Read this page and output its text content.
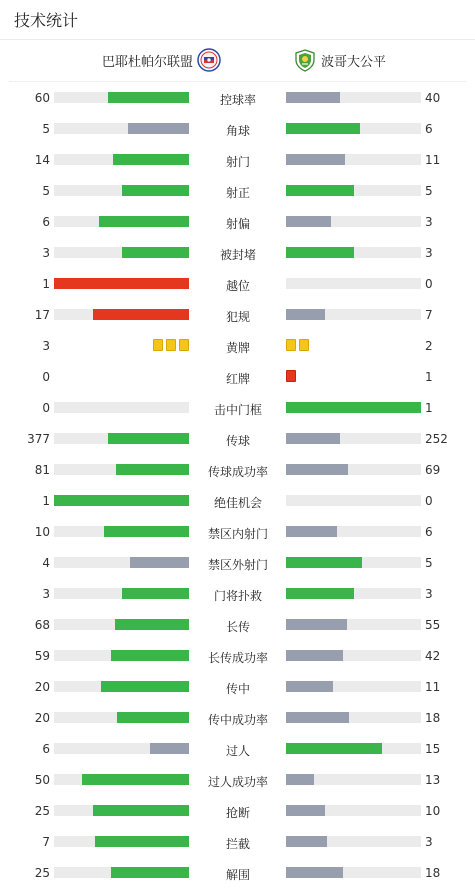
技术统计
巴耶杜帕尔联盟	波哥大公平
60	控球率	40
5	角球	6
14	射门	11
5	射正	5
6	射偏	3
3	被封堵	3
1	越位	0
17	犯规	7
3	黄牌	2
0	红牌	1
0	击中门框	1
377	传球	252
81	传球成功率	69
1	绝佳机会	0
10	禁区内射门	6
4	禁区外射门	5
3	门将扑救	3
68	长传	55
59	长传成功率	42
20	传中	11
20	传中成功率	18
6	过人	15
50	过人成功率	13
25	抢断	10
7	拦截	3
25	解围	18
